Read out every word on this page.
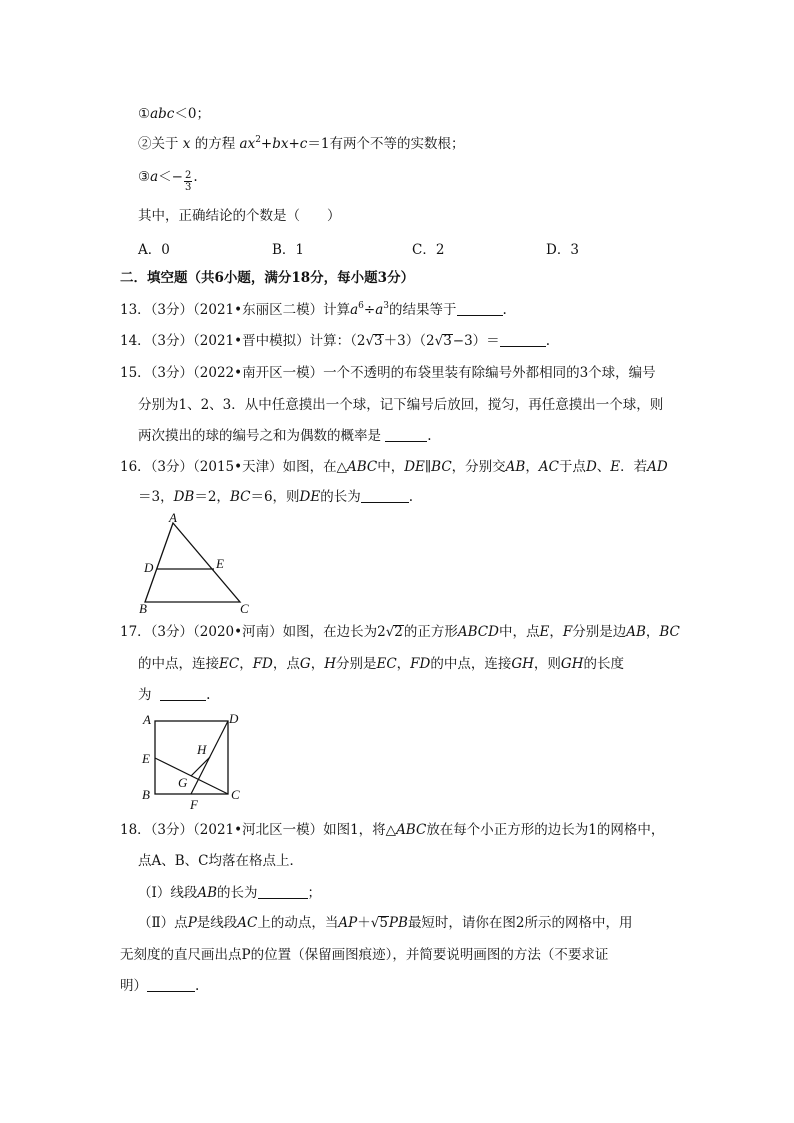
①abc＜0；
②关于 x 的方程 $ax^2+bx+c=1$有两个不等的实数根；
③a＜− $\frac{2}{3}$ .
其中，正确结论的个数是（　　）
A．0	B．1	C．2	D．3
二．填空题（共6小题，满分18分，每小题3分）
13．（3分）（2021•东丽区二模）计算$a^6\div a^3$的结果等于	.
14．（3分）（2021•晋中模拟）计算：（2√3＋3）（2√3−3）＝	.
15．（3分）（2022•南开区一模）一个不透明的布袋里装有除编号外都相同的3个球，编号
分别为1、2、3．从中任意摸出一个球，记下编号后放回，搅匀，再任意摸出一个球，则
两次摸出的球的编号之和为偶数的概率是	.
16．（3分）（2015•天津）如图，在△ABC中，DE∥BC，分别交AB，AC于点D、E．若AD
＝3，DB＝2，BC＝6，则DE的长为	.
A
B	C
D	E
17．（3分）（2020•河南）如图，在边长为2√2的正方形ABCD中，点E，F分别是边AB，BC
的中点，连接EC，FD，点G，H分别是EC，FD的中点，连接GH，则GH的长度
为	.
A	D
E
H
G
B	C
F
18．（3分）（2021•河北区一模）如图1，将△ABC放在每个小正方形的边长为1的网格中，
点A、B、C均落在格点上．
（Ⅰ）线段AB的长为	；
（Ⅱ）点P是线段AC上的动点，当AP＋√5PB最短时，请你在图2所示的网格中，用
无刻度的直尺画出点P的位置（保留画图痕迹），并简要说明画图的方法（不要求证
明）	.
